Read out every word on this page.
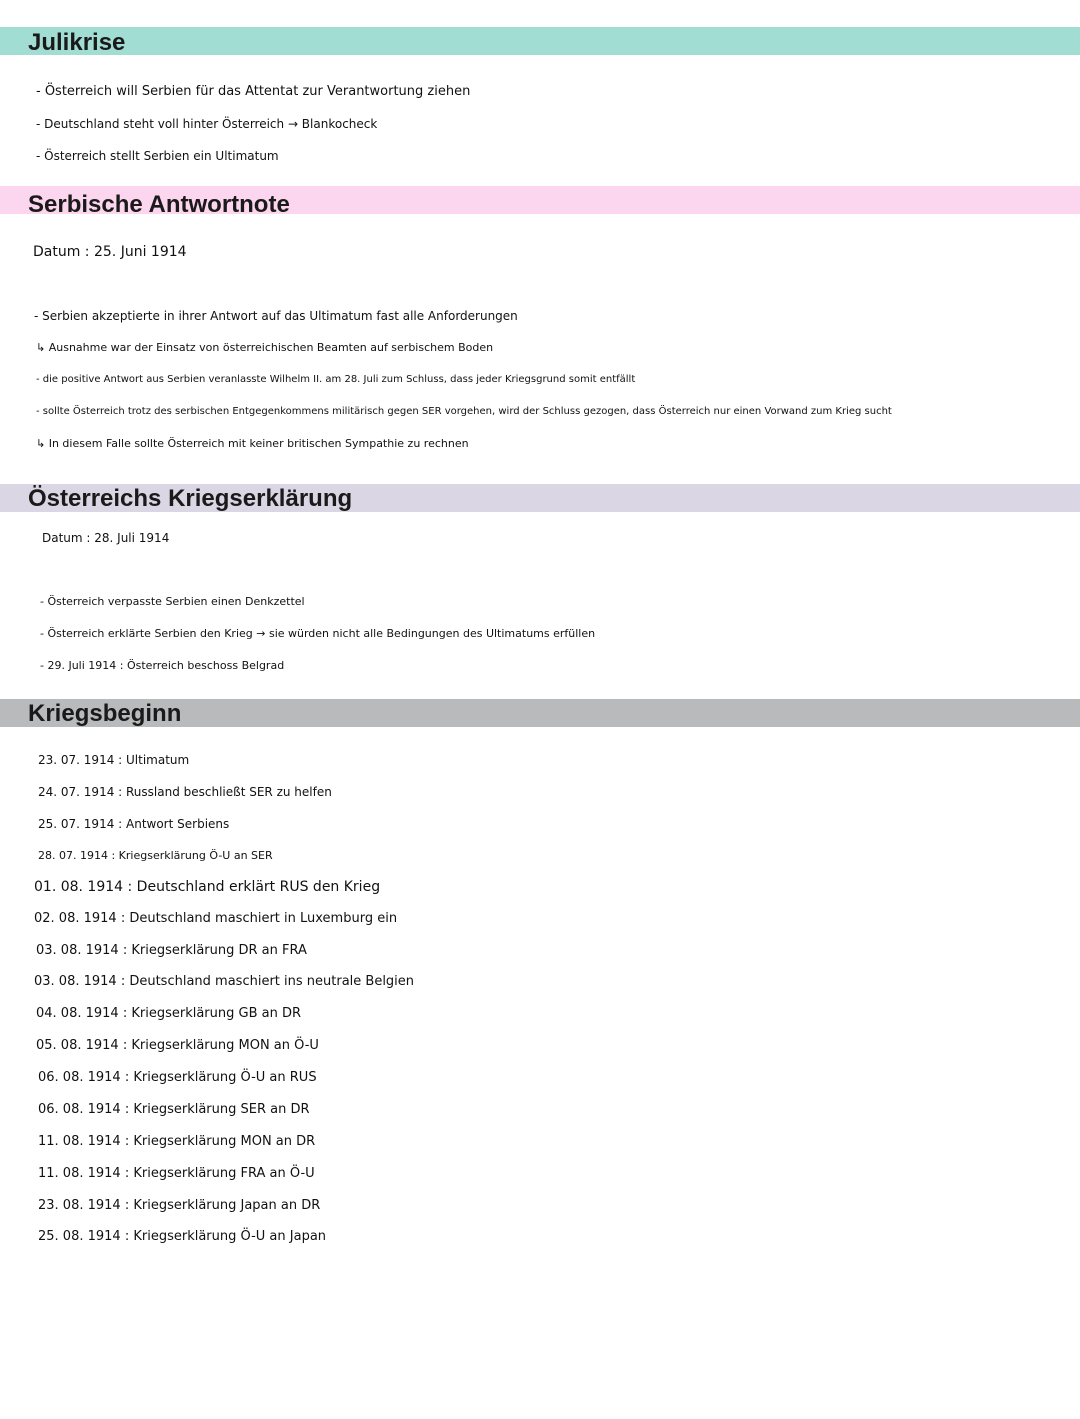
Julikrise
- Österreich will Serbien für das Attentat zur Verantwortung ziehen
- Deutschland steht voll hinter Österreich → Blankocheck
- Österreich stellt Serbien ein Ultimatum
Serbische Antwortnote
Datum : 25. Juni 1914
- Serbien akzeptierte in ihrer Antwort auf das Ultimatum fast alle Anforderungen
↳ Ausnahme war der Einsatz von österreichischen Beamten auf serbischem Boden
- die positive Antwort aus Serbien veranlasste Wilhelm II. am 28. Juli zum Schluss, dass jeder Kriegsgrund somit entfällt
- sollte Österreich trotz des serbischen Entgegenkommens militärisch gegen SER vorgehen, wird der Schluss gezogen, dass Österreich nur einen Vorwand zum Krieg sucht
↳ In diesem Falle sollte Österreich mit keiner britischen Sympathie zu rechnen
Österreichs Kriegserklärung
Datum : 28. Juli 1914
- Österreich verpasste Serbien einen Denkzettel
- Österreich erklärte Serbien den Krieg → sie würden nicht alle Bedingungen des Ultimatums erfüllen
- 29. Juli 1914 : Österreich beschoss Belgrad
Kriegsbeginn
23. 07. 1914 : Ultimatum
24. 07. 1914 : Russland beschließt SER zu helfen
25. 07. 1914 : Antwort Serbiens
28. 07. 1914 : Kriegserklärung Ö-U an SER
01. 08. 1914 : Deutschland erklärt RUS den Krieg
02. 08. 1914 : Deutschland maschiert in Luxemburg ein
03. 08. 1914 : Kriegserklärung DR an FRA
03. 08. 1914 : Deutschland maschiert ins neutrale Belgien
04. 08. 1914 : Kriegserklärung GB an DR
05. 08. 1914 : Kriegserklärung MON an Ö-U
06. 08. 1914 : Kriegserklärung Ö-U an RUS
06. 08. 1914 : Kriegserklärung SER an DR
11. 08. 1914 : Kriegserklärung MON an DR
11. 08. 1914 : Kriegserklärung FRA an Ö-U
23. 08. 1914 : Kriegserklärung Japan an DR
25. 08. 1914 : Kriegserklärung Ö-U an Japan
